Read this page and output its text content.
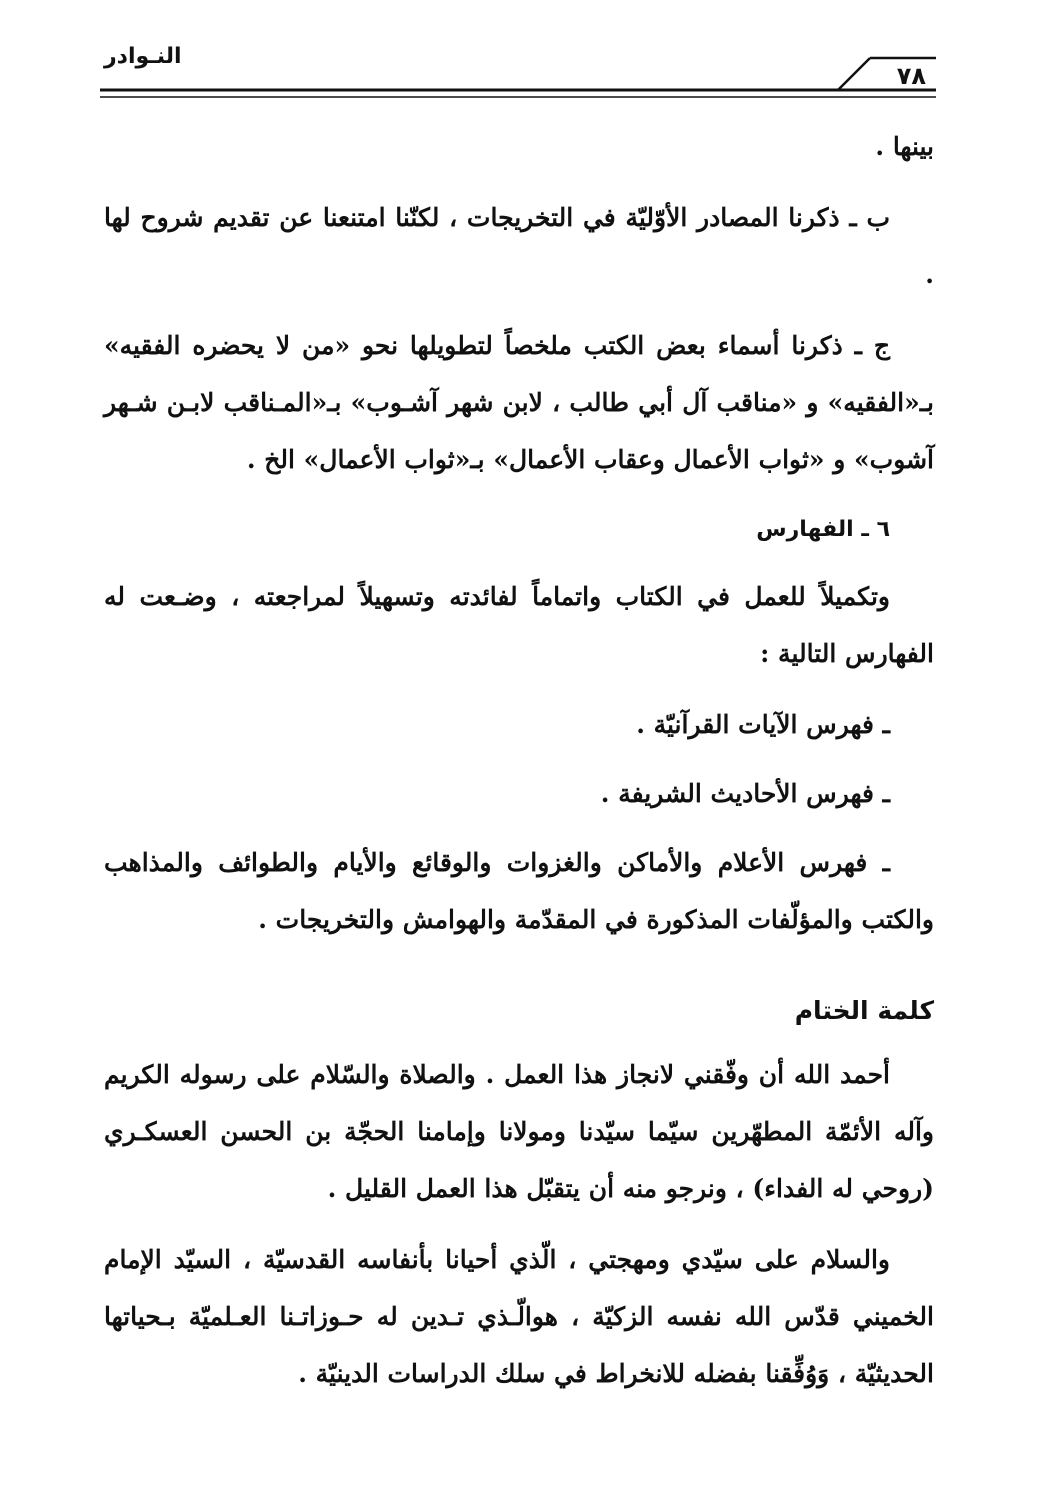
النـوادر
٧٨

بينها .

ب ـ ذكرنا المصادر الأوّليّة في التخريجات ، لكنّنا امتنعنا عن تقديم شروح لها .

ج ـ ذكرنا أسماء بعض الكتب ملخصاً لتطويلها نحو «من لا يحضره الفقيه» بـ«الفقيه» و «مناقب آل أبي طالب ، لابن شهر آشـوب» بـ«المـناقب لابـن شـهر آشوب» و «ثواب الأعمال وعقاب الأعمال» بـ«ثواب الأعمال» الخ .

٦ ـ الفهارس

وتكميلاً للعمل في الكتاب واتماماً لفائدته وتسهيلاً لمراجعته ، وضـعت له الفهارس التالية :

ـ فهرس الآيات القرآنيّة .
ـ فهرس الأحاديث الشريفة .
ـ فهرس الأعلام والأماكن والغزوات والوقائع والأيام والطوائف والمذاهب والكتب والمؤلّفات المذكورة في المقدّمة والهوامش والتخريجات .
كلمة الختام

أحمد الله أن وفّقني لانجاز هذا العمل . والصلاة والسّلام على رسوله الكريم وآله الأئمّة المطهّرين سيّما سيّدنا ومولانا وإمامنا الحجّة بن الحسن العسكـري (روحي له الفداء) ، ونرجو منه أن يتقبّل هذا العمل القليل .

والسلام على سيّدي ومهجتي ، الّذي أحيانا بأنفاسه القدسيّة ، السيّد الإمام الخميني قدّس الله نفسه الزكيّة ، هوالّـذي تـدين له حـوزاتـنا العـلميّة بـحياتها الحديثيّة ، وَوُفِّقنا بفضله للانخراط في سلك الدراسات الدينيّة .
